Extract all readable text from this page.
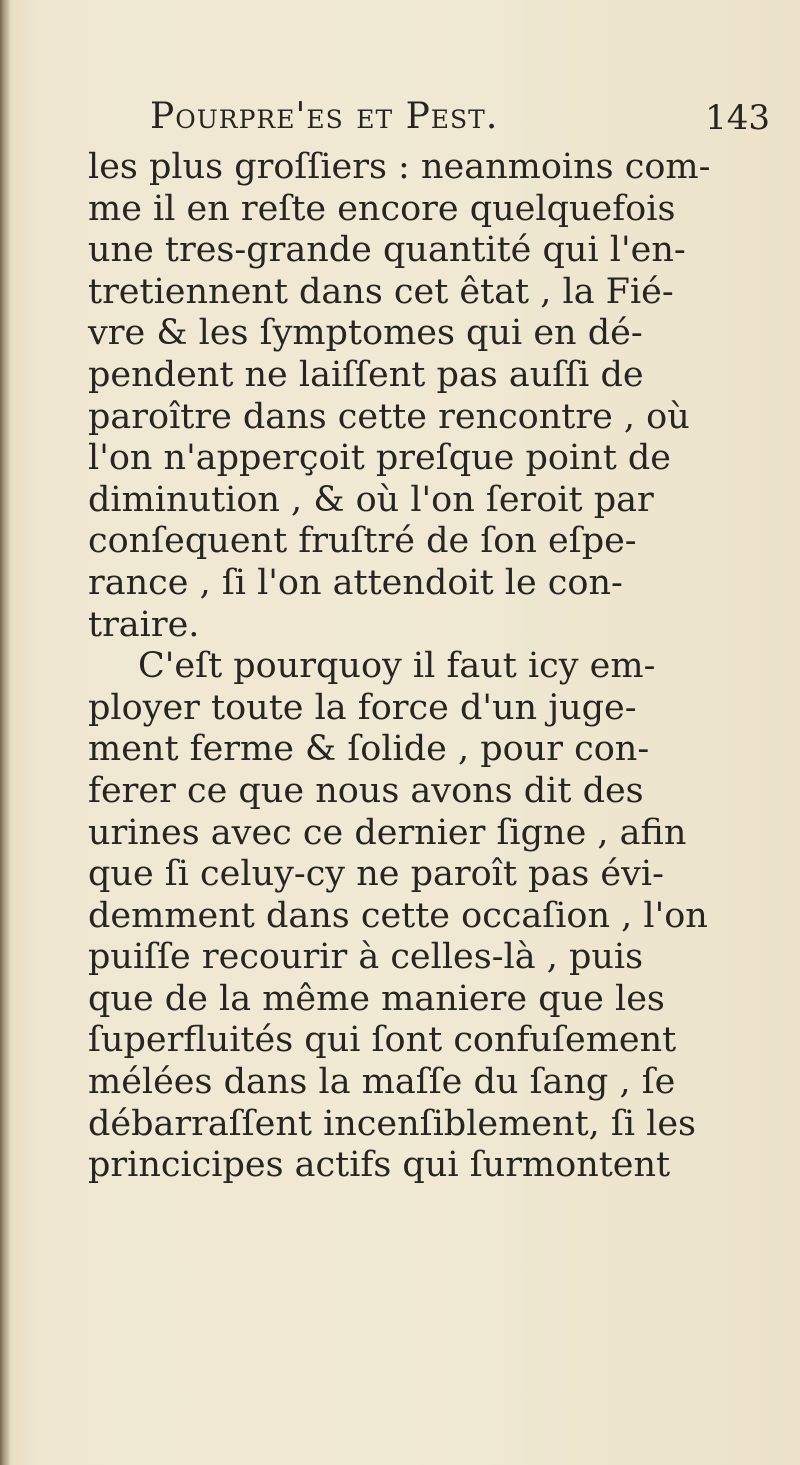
Pourpre'es et Pest.	143
les plus groſſiers : neanmoins com-
me il en reſte encore quelquefois
une tres-grande quantité qui l'en-
tretiennent dans cet êtat , la Fié-
vre & les ſymptomes qui en dé-
pendent ne laiſſent pas auſſi de
paroître dans cette rencontre , où
l'on n'apperçoit preſque point de
diminution , & où l'on ſeroit par
conſequent fruſtré de ſon eſpe-
rance , ſi l'on attendoit le con-
traire.
C'eſt pourquoy il faut icy em-
ployer toute la force d'un juge-
ment ferme & ſolide , pour con-
ferer ce que nous avons dit des
urines avec ce dernier ſigne , afin
que ſi celuy-cy ne paroît pas évi-
demment dans cette occaſion , l'on
puiſſe recourir à celles-là , puis
que de la même maniere que les
ſuperfluités qui ſont confuſement
mélées dans la maſſe du ſang , ſe
débarraſſent incenſiblement, ſi les
princicipes actifs qui ſurmontent
